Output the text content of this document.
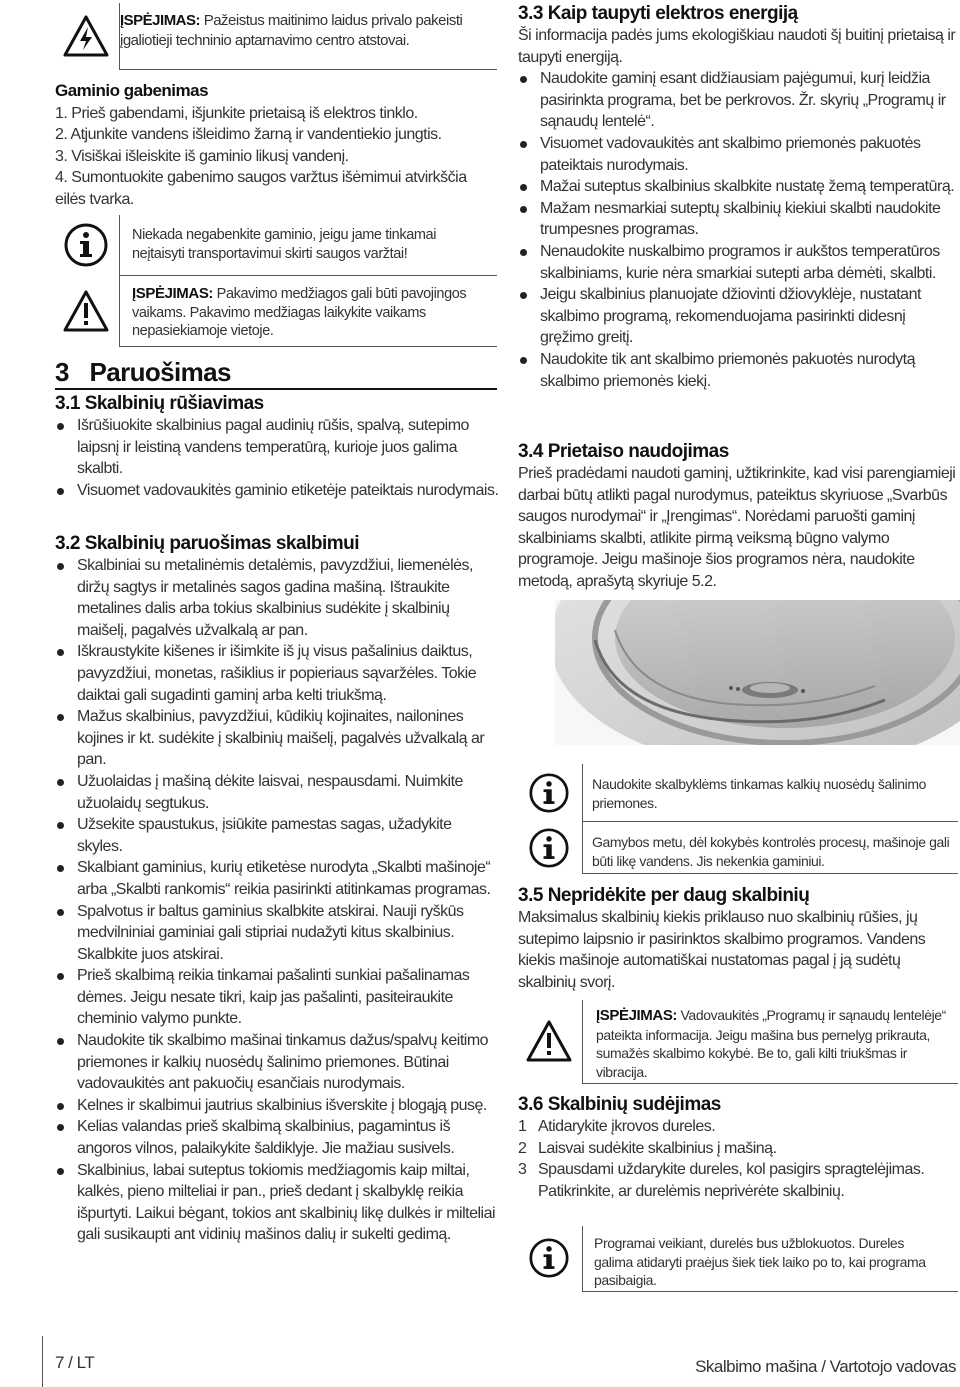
ĮSPĖJIMAS: Pažeistus maitinimo laidus privalo pakeisti įgaliotieji techninio aptarnavimo centro atstovai.
Gaminio gabenimas
1. Prieš gabendami, išjunkite prietaisą iš elektros tinklo.
2. Atjunkite vandens išleidimo žarną ir vandentiekio jungtis.
3. Visiškai išleiskite iš gaminio likusį vandenį.
4. Sumontuokite gabenimo saugos varžtus išėmimui atvirkščia eilės tvarka.
Niekada negabenkite gaminio, jeigu jame tinkamai neįtaisyti transportavimui skirti saugos varžtai!
ĮSPĖJIMAS: Pakavimo medžiagos gali būti pavojingos vaikams. Pakavimo medžiagas laikykite vaikams nepasiekiamoje vietoje.
3 Paruošimas
3.1 Skalbinių rūšiavimas
Išrūšiuokite skalbinius pagal audinių rūšis, spalvą, sutepimo laipsnį ir leistiną vandens temperatūrą, kurioje juos galima skalbti.
Visuomet vadovaukitės gaminio etiketėje pateiktais nurodymais.
3.2 Skalbinių paruošimas skalbimui
Skalbiniai su metalinėmis detalėmis, pavyzdžiui, liemenėlės, diržų sagtys ir metalinės sagos gadina mašiną. Ištraukite metalines dalis arba tokius skalbinius sudėkite į skalbinių maišelį, pagalvės užvalkalą ar pan.
Iškraustykite kišenes ir išimkite iš jų visus pašalinius daiktus, pavyzdžiui, monetas, rašiklius ir popieriaus sąvaržėles. Tokie daiktai gali sugadinti gaminį arba kelti triukšmą.
Mažus skalbinius, pavyzdžiui, kūdikių kojinaites, nailonines kojines ir kt. sudėkite į skalbinių maišelį, pagalvės užvalkalą ar pan.
Užuolaidas į mašiną dėkite laisvai, nespausdami. Nuimkite užuolaidų segtukus.
Užsekite spaustukus, įsiūkite pamestas sagas, užadykite skyles.
Skalbiant gaminius, kurių etiketėse nurodyta „Skalbti mašinoje“ arba „Skalbti rankomis“ reikia pasirinkti atitinkamas programas.
Spalvotus ir baltus gaminius skalbkite atskirai. Nauji ryškūs medvilniniai gaminiai gali stipriai nudažyti kitus skalbinius. Skalbkite juos atskirai.
Prieš skalbimą reikia tinkamai pašalinti sunkiai pašalinamas dėmes. Jeigu nesate tikri, kaip jas pašalinti, pasiteiraukite cheminio valymo punkte.
Naudokite tik skalbimo mašinai tinkamus dažus/spalvų keitimo priemones ir kalkių nuosėdų šalinimo priemones. Būtinai vadovaukitės ant pakuočių esančiais nurodymais.
Kelnes ir skalbimui jautrius skalbinius išverskite į blogąją pusę.
Kelias valandas prieš skalbimą skalbinius, pagamintus iš angoros vilnos, palaikykite šaldiklyje. Jie mažiau susivels.
Skalbinius, labai suteptus tokiomis medžiagomis kaip miltai, kalkės, pieno milteliai ir pan., prieš dedant į skalbyklę reikia išpurtyti. Laikui bėgant, tokios ant skalbinių likę dulkės ir milteliai gali susikaupti ant vidinių mašinos dalių ir sukelti gedimą.
3.3 Kaip taupyti elektros energiją
Ši informacija padės jums ekologiškiau naudoti šį buitinį prietaisą ir taupyti energiją.
Naudokite gaminį esant didžiausiam pajėgumui, kurį leidžia pasirinkta programa, bet be perkrovos. Žr. skyrių „Programų ir sąnaudų lentelė“.
Visuomet vadovaukitės ant skalbimo priemonės pakuotės pateiktais nurodymais.
Mažai suteptus skalbinius skalbkite nustatę žemą temperatūrą.
Mažam nesmarkiai suteptų skalbinių kiekiui skalbti naudokite trumpesnes programas.
Nenaudokite nuskalbimo programos ir aukštos temperatūros skalbiniams, kurie nėra smarkiai sutepti arba dėmėti, skalbti.
Jeigu skalbinius planuojate džiovinti džiovyklėje, nustatant skalbimo programą, rekomenduojama pasirinkti didesnį gręžimo greitį.
Naudokite tik ant skalbimo priemonės pakuotės nurodytą skalbimo priemonės kiekį.
3.4 Prietaiso naudojimas
Prieš pradėdami naudoti gaminį, užtikrinkite, kad visi parengiamieji darbai būtų atlikti pagal nurodymus, pateiktus skyriuose „Svarbūs saugos nurodymai“ ir „Įrengimas“. Norėdami paruošti gaminį skalbiniams skalbti, atlikite pirmą veiksmą būgno valymo programoje. Jeigu mašinoje šios programos nėra, naudokite metodą, aprašytą skyriuje 5.2.
Naudokite skalbyklėms tinkamas kalkių nuosėdų šalinimo priemones.
Gamybos metu, dėl kokybės kontrolės procesų, mašinoje gali būti likę vandens. Jis nekenkia gaminiui.
3.5 Nepridėkite per daug skalbinių
Maksimalus skalbinių kiekis priklauso nuo skalbinių rūšies, jų sutepimo laipsnio ir pasirinktos skalbimo programos. Vandens kiekis mašinoje automatiškai nustatomas pagal į ją sudėtų skalbinių svorį.
ĮSPĖJIMAS: Vadovaukitės „Programų ir sąnaudų lentelėje“ pateikta informacija. Jeigu mašina bus pernelyg prikrauta, sumažės skalbimo kokybė. Be to, gali kilti triukšmas ir vibracija.
3.6 Skalbinių sudėjimas
1 Atidarykite įkrovos dureles.
2 Laisvai sudėkite skalbinius į mašiną.
3 Spausdami uždarykite dureles, kol pasigirs spragtelėjimas. Patikrinkite, ar durelėmis neprivėrėte skalbinių.
Programai veikiant, durelės bus užblokuotos. Dureles galima atidaryti praėjus šiek tiek laiko po to, kai programa pasibaigia.
7 / LT	Skalbimo mašina / Vartotojo vadovas
